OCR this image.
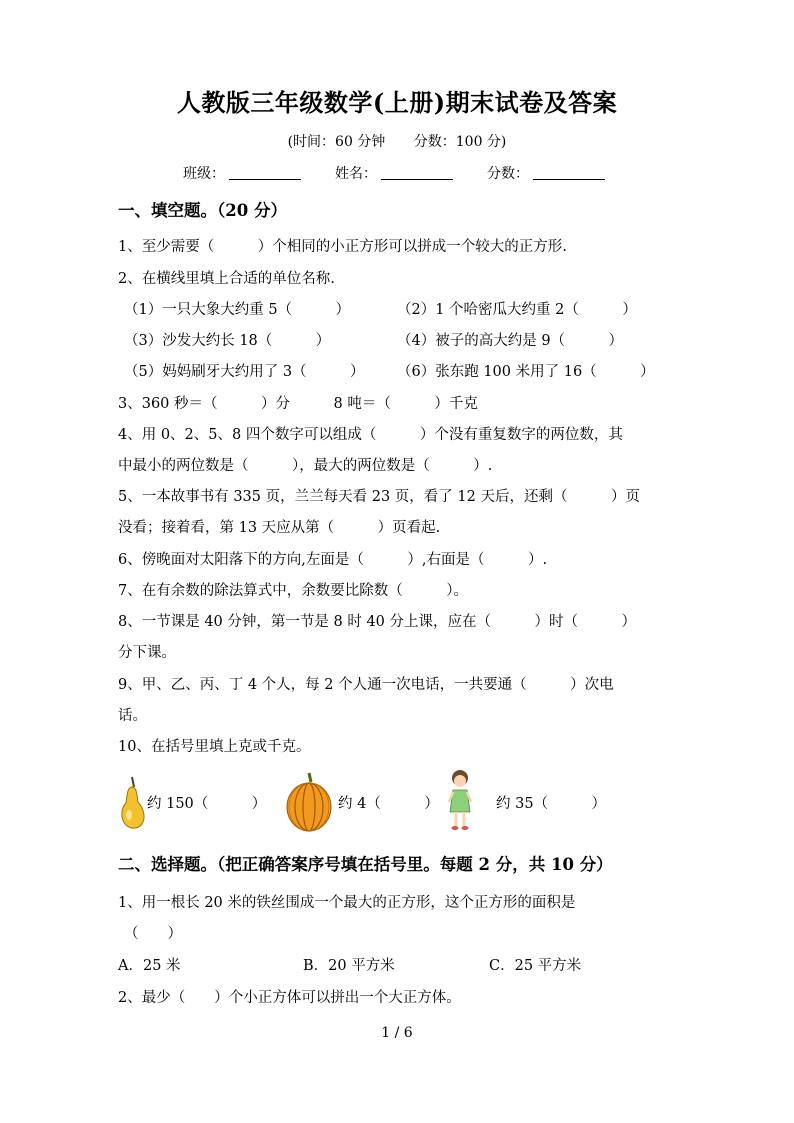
人教版三年级数学(上册)期末试卷及答案
(时间：60 分钟 分数：100 分)
班级：	姓名：	分数：
一、填空题。（20 分）
1、至少需要（　　　）个相同的小正方形可以拼成一个较大的正方形.
2、在横线里填上合适的单位名称.
（1）一只大象大约重 5（　　　）	（2）1 个哈密瓜大约重 2（　　　）
（3）沙发大约长 18（　　　）	（4）被子的高大约是 9（　　　）
（5）妈妈刷牙大约用了 3（　　　） （6）张东跑 100 米用了 16（　　　）
3、360 秒＝（　　　）分　　　8 吨＝（　　　）千克
4、用 0、2、5、8 四个数字可以组成（　　　）个没有重复数字的两位数，其
中最小的两位数是（　　　），最大的两位数是（　　　）.
5、一本故事书有 335 页，兰兰每天看 23 页，看了 12 天后，还剩（　　　）页
没看；接着看，第 13 天应从第（　　　）页看起.
6、傍晚面对太阳落下的方向,左面是（　　　）,右面是（　　　）.
7、在有余数的除法算式中，余数要比除数（　　　）。
8、一节课是 40 分钟，第一节是 8 时 40 分上课，应在（　　　）时（　　　）
分下课。
9、甲、乙、丙、丁 4 个人，每 2 个人通一次电话，一共要通（　　　）次电
话。
10、在括号里填上克或千克。
约 150（　　　）	约 4（　　　）	约 35（　　　）
二、选择题。（把正确答案序号填在括号里。每题 2 分，共 10 分）
1、用一根长 20 米的铁丝围成一个最大的正方形，这个正方形的面积是
（　　）
A．25 米	B．20 平方米	C．25 平方米
2、最少（　　）个小正方体可以拼出一个大正方体。
1 / 6
